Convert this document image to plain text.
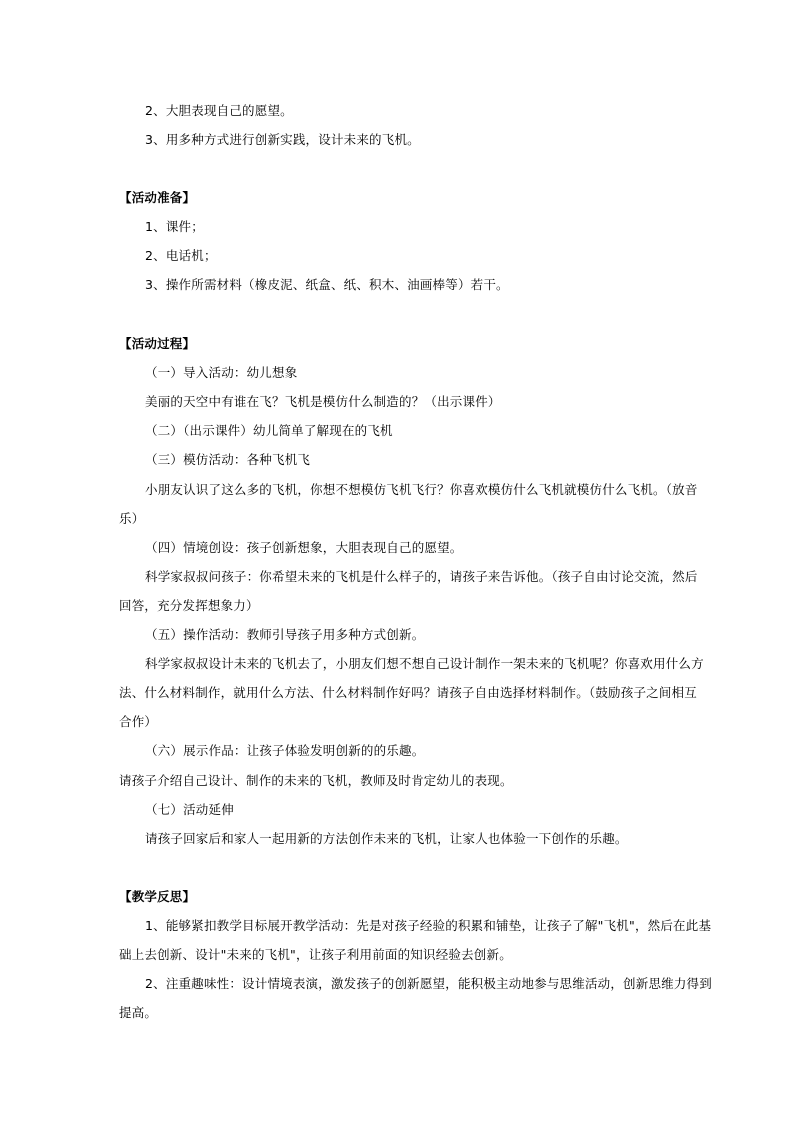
2、大胆表现自己的愿望。
3、用多种方式进行创新实践，设计未来的飞机。
【活动准备】
1、课件；
2、电话机；
3、操作所需材料（橡皮泥、纸盒、纸、积木、油画棒等）若干。
【活动过程】
（一）导入活动：幼儿想象
美丽的天空中有谁在飞？飞机是模仿什么制造的？（出示课件）
（二）（出示课件）幼儿简单了解现在的飞机
（三）模仿活动：各种飞机飞
小朋友认识了这么多的飞机，你想不想模仿飞机飞行？你喜欢模仿什么飞机就模仿什么飞机。（放音
乐）
（四）情境创设：孩子创新想象，大胆表现自己的愿望。
科学家叔叔问孩子：你希望未来的飞机是什么样子的，请孩子来告诉他。（孩子自由讨论交流，然后
回答，充分发挥想象力）
（五）操作活动：教师引导孩子用多种方式创新。
科学家叔叔设计未来的飞机去了，小朋友们想不想自己设计制作一架未来的飞机呢？你喜欢用什么方
法、什么材料制作，就用什么方法、什么材料制作好吗？请孩子自由选择材料制作。（鼓励孩子之间相互
合作）
（六）展示作品：让孩子体验发明创新的的乐趣。
请孩子介绍自己设计、制作的未来的飞机，教师及时肯定幼儿的表现。
（七）活动延伸
请孩子回家后和家人一起用新的方法创作未来的飞机，让家人也体验一下创作的乐趣。
【教学反思】
1、能够紧扣教学目标展开教学活动：先是对孩子经验的积累和铺垫，让孩子了解"飞机"，然后在此基
础上去创新、设计"未来的飞机"，让孩子利用前面的知识经验去创新。
2、注重趣味性：设计情境表演，激发孩子的创新愿望，能积极主动地参与思维活动，创新思维力得到
提高。
